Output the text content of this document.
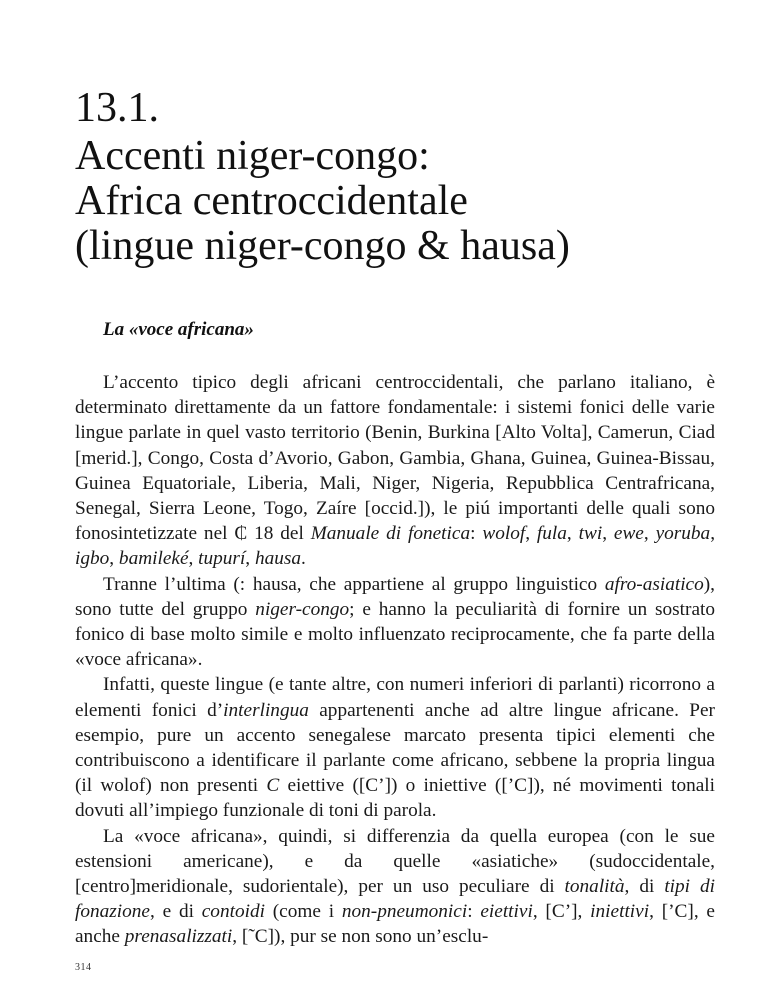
13.1.
Accenti niger-congo:
Africa centroccidentale
(lingue niger-congo & hausa)
La «voce africana»

L’accento tipico degli africani centroccidentali, che parlano italiano, è determinato direttamente da un fattore fondamentale: i sistemi fonici delle varie lingue parlate in quel vasto territorio (Benin, Burkina [Alto Volta], Camerun, Ciad [merid.], Congo, Costa d’Avorio, Gabon, Gambia, Ghana, Guinea, Guinea-Bissau, Guinea Equatoriale, Liberia, Mali, Niger, Nigeria, Repubblica Centrafricana, Senegal, Sierra Leone, Togo, Zaíre [occid.]), le piú importanti delle quali sono fonosintetizzate nel ₵ 18 del Manuale di fonetica: wolof, fula, twi, ewe, yoruba, igbo, bamileké, tupurí, hausa.

Tranne l’ultima (: hausa, che appartiene al gruppo linguistico afro-asiatico), sono tutte del gruppo niger-congo; e hanno la peculiarità di fornire un sostrato fonico di base molto simile e molto influenzato reciprocamente, che fa parte della «voce africana».

Infatti, queste lingue (e tante altre, con numeri inferiori di parlanti) ricorrono a elementi fonici d’interlingua appartenenti anche ad altre lingue africane. Per esempio, pure un accento senegalese marcato presenta tipici elementi che contribuiscono a identificare il parlante come africano, sebbene la propria lingua (il wolof) non presenti C eiettive ([C’]) o iniettive ([’C]), né movimenti tonali dovuti all’impiego funzionale di toni di parola.

La «voce africana», quindi, si differenzia da quella europea (con le sue estensioni americane), e da quelle «asiatiche» (sudoccidentale, [centro]meridionale, sudorientale), per un uso peculiare di tonalità, di tipi di fonazione, e di contoidi (come i non-pneumonici: eiettivi, [C’], iniettivi, [’C], e anche prenasalizzati, [˜C]), pur se non sono un’esclu-

314
